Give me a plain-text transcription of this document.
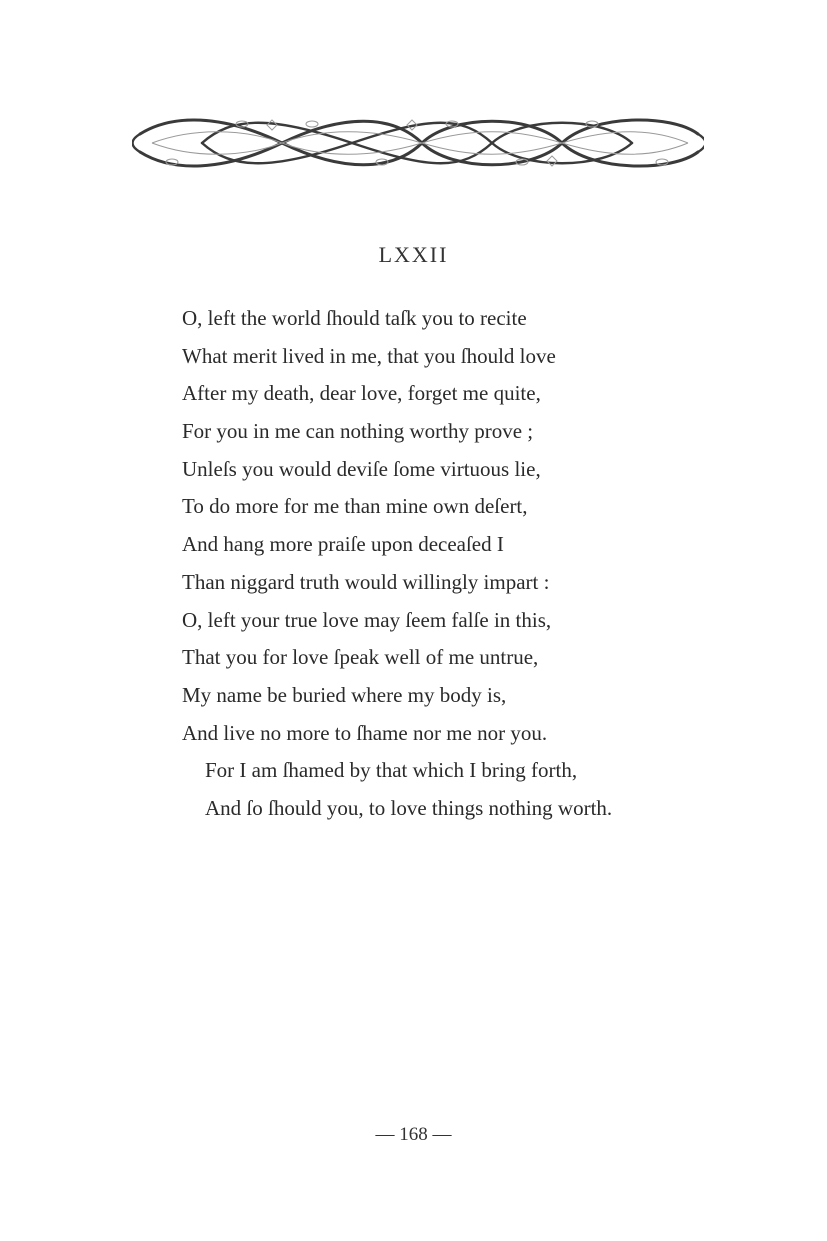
LXXII
O, left the world ſhould taſk you to recite
What merit lived in me, that you ſhould love
After my death, dear love, forget me quite,
For you in me can nothing worthy prove ;
Unleſs you would deviſe ſome virtuous lie,
To do more for me than mine own deſert,
And hang more praiſe upon deceaſed I
Than niggard truth would willingly impart :
O, left your true love may ſeem falſe in this,
That you for love ſpeak well of me untrue,
My name be buried where my body is,
And live no more to ſhame nor me nor you.
For I am ſhamed by that which I bring forth,
And ſo ſhould you, to love things nothing worth.
— 168 —
